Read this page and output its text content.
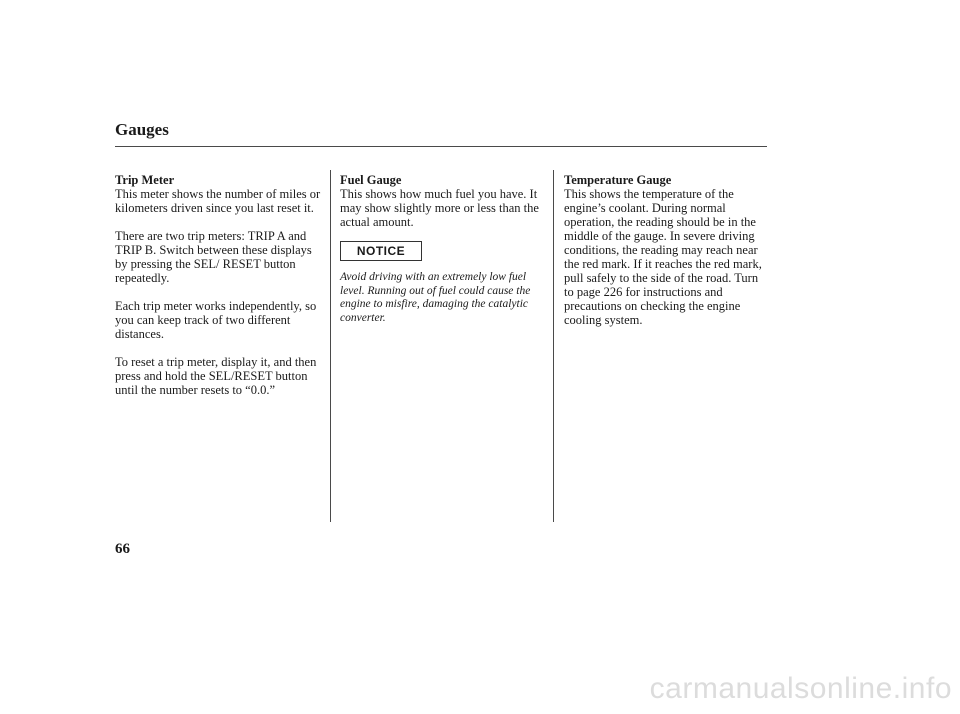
Gauges
Trip Meter

This meter shows the number of miles or kilometers driven since you last reset it.

There are two trip meters: TRIP A and TRIP B. Switch between these displays by pressing the SEL/ RESET button repeatedly.

Each trip meter works independently, so you can keep track of two different distances.

To reset a trip meter, display it, and then press and hold the SEL/RESET button until the number resets to “0.0.”

Fuel Gauge

This shows how much fuel you have. It may show slightly more or less than the actual amount.

NOTICE

Avoid driving with an extremely low fuel level. Running out of fuel could cause the engine to misfire, damaging the catalytic converter.

Temperature Gauge

This shows the temperature of the engine’s coolant. During normal operation, the reading should be in the middle of the gauge. In severe driving conditions, the reading may reach near the red mark. If it reaches the red mark, pull safely to the side of the road. Turn to page 226 for instructions and precautions on checking the engine cooling system.

66
carmanualsonline.info
